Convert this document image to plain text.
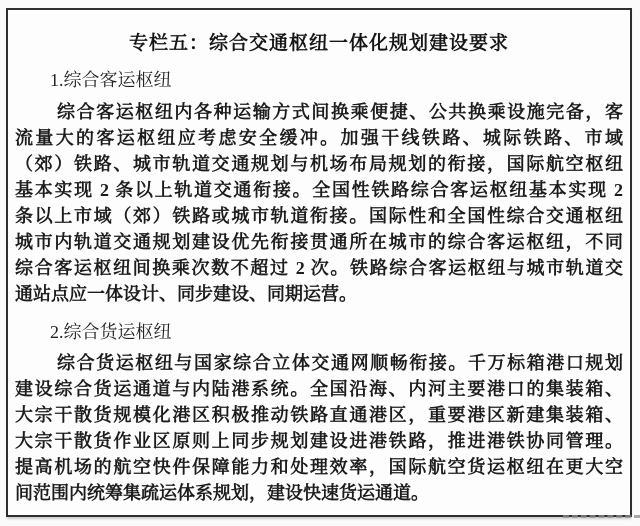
专栏五：综合交通枢纽一体化规划建设要求
1.综合客运枢纽
综合客运枢纽内各种运输方式间换乘便捷、公共换乘设施完备，客
流量大的客运枢纽应考虑安全缓冲。加强干线铁路、城际铁路、市域
（郊）铁路、城市轨道交通规划与机场布局规划的衔接，国际航空枢纽
基本实现 2 条以上轨道交通衔接。全国性铁路综合客运枢纽基本实现 2
条以上市域（郊）铁路或城市轨道衔接。国际性和全国性综合交通枢纽
城市内轨道交通规划建设优先衔接贯通所在城市的综合客运枢纽，不同
综合客运枢纽间换乘次数不超过 2 次。铁路综合客运枢纽与城市轨道交
通站点应一体设计、同步建设、同期运营。
2.综合货运枢纽
综合货运枢纽与国家综合立体交通网顺畅衔接。千万标箱港口规划
建设综合货运通道与内陆港系统。全国沿海、内河主要港口的集装箱、
大宗干散货规模化港区积极推动铁路直通港区，重要港区新建集装箱、
大宗干散货作业区原则上同步规划建设进港铁路，推进港铁协同管理。
提高机场的航空快件保障能力和处理效率，国际航空货运枢纽在更大空
间范围内统筹集疏运体系规划，建设快速货运通道。
